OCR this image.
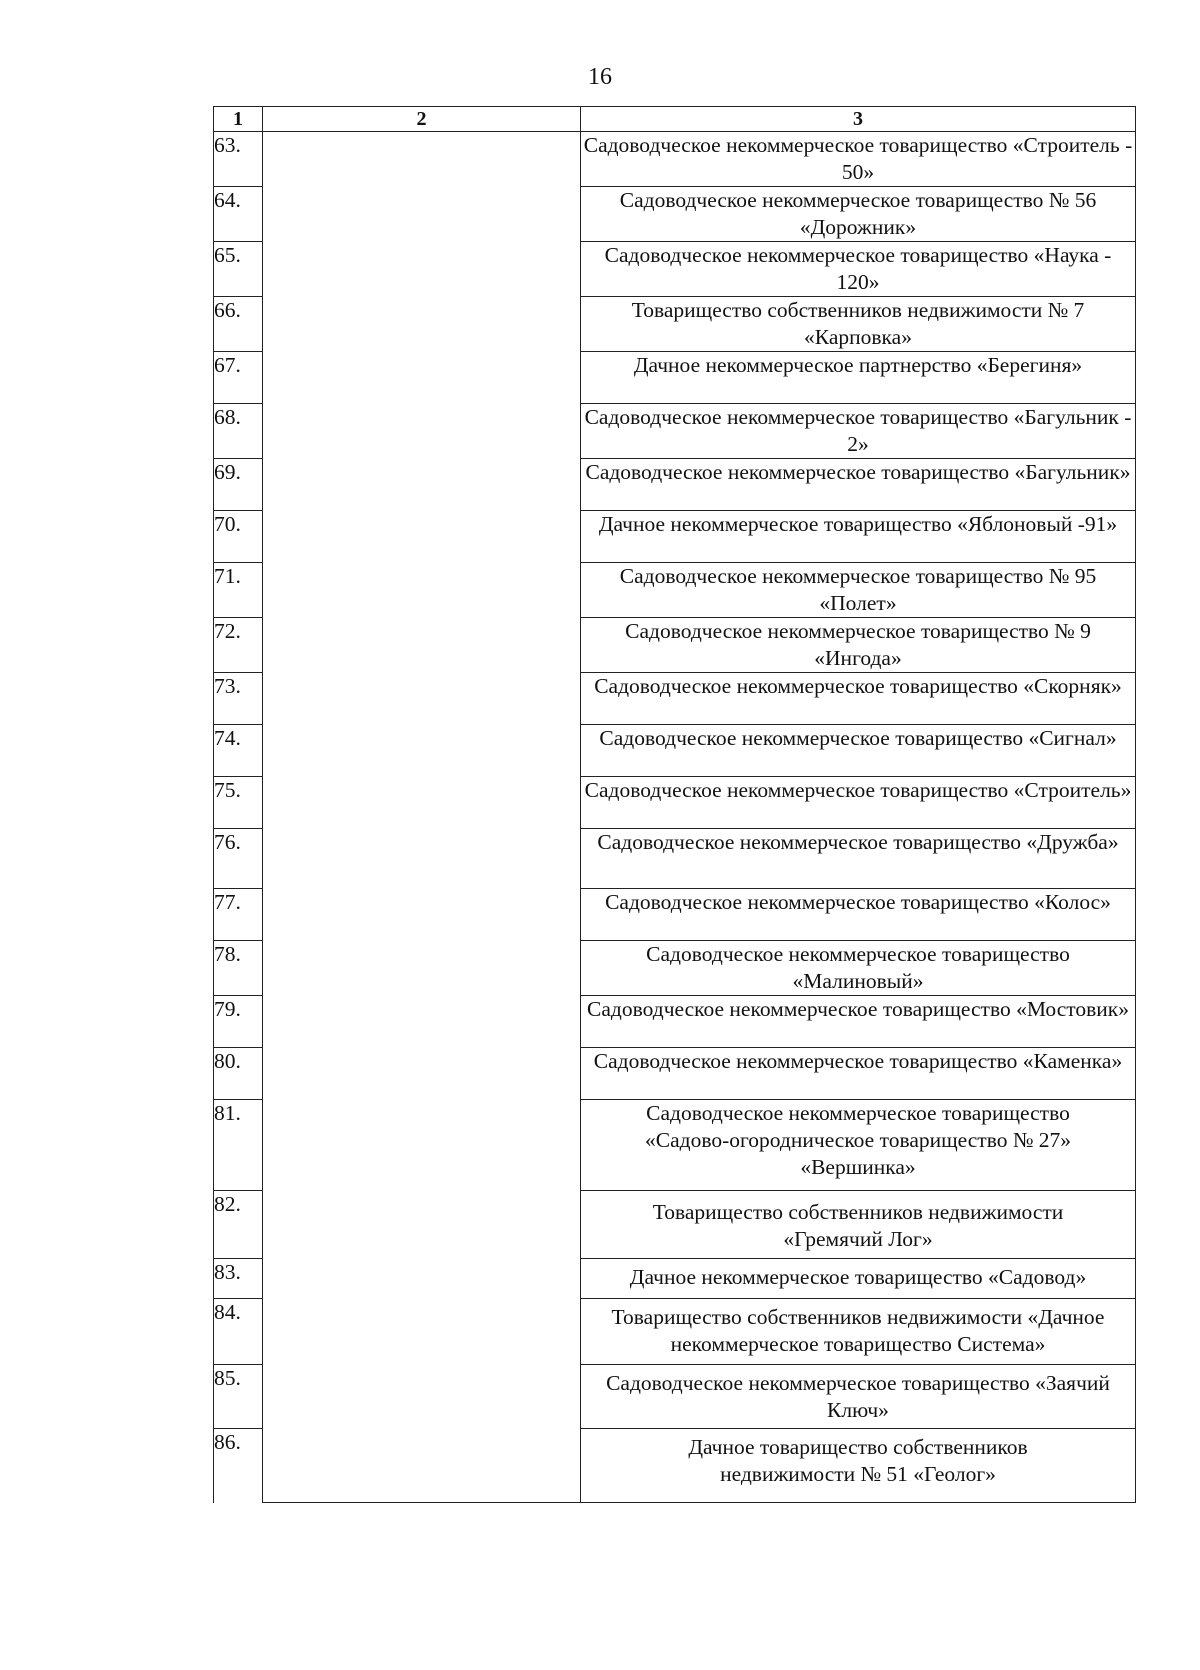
16
1	2	3
63.		Садоводческое некоммерческое товарищество «Строитель - 50»
64.		Садоводческое некоммерческое товарищество № 56 «Дорожник»
65.		Садоводческое некоммерческое товарищество «Наука - 120»
66.		Товарищество собственников недвижимости № 7 «Карповка»
67.		Дачное некоммерческое партнерство «Берегиня»
68.		Садоводческое некоммерческое товарищество «Багульник - 2»
69.		Садоводческое некоммерческое товарищество «Багульник»
70.		Дачное некоммерческое товарищество «Яблоновый -91»
71.		Садоводческое некоммерческое товарищество № 95 «Полет»
72.		Садоводческое некоммерческое товарищество № 9 «Ингода»
73.		Садоводческое некоммерческое товарищество «Скорняк»
74.		Садоводческое некоммерческое товарищество «Сигнал»
75.		Садоводческое некоммерческое товарищество «Строитель»
76.		Садоводческое некоммерческое товарищество «Дружба»
77.		Садоводческое некоммерческое товарищество «Колос»
78.		Садоводческое некоммерческое товарищество «Малиновый»
79.		Садоводческое некоммерческое товарищество «Мостовик»
80.		Садоводческое некоммерческое товарищество «Каменка»
81.		Садоводческое некоммерческое товарищество «Садово-огородническое товарищество № 27» «Вершинка»
82.		Товарищество собственников недвижимости «Гремячий Лог»
83.		Дачное некоммерческое товарищество «Садовод»
84.		Товарищество собственников недвижимости «Дачное некоммерческое товарищество Система»
85.		Садоводческое некоммерческое товарищество «Заячий Ключ»
86.		Дачное товарищество собственников недвижимости № 51 «Геолог»
